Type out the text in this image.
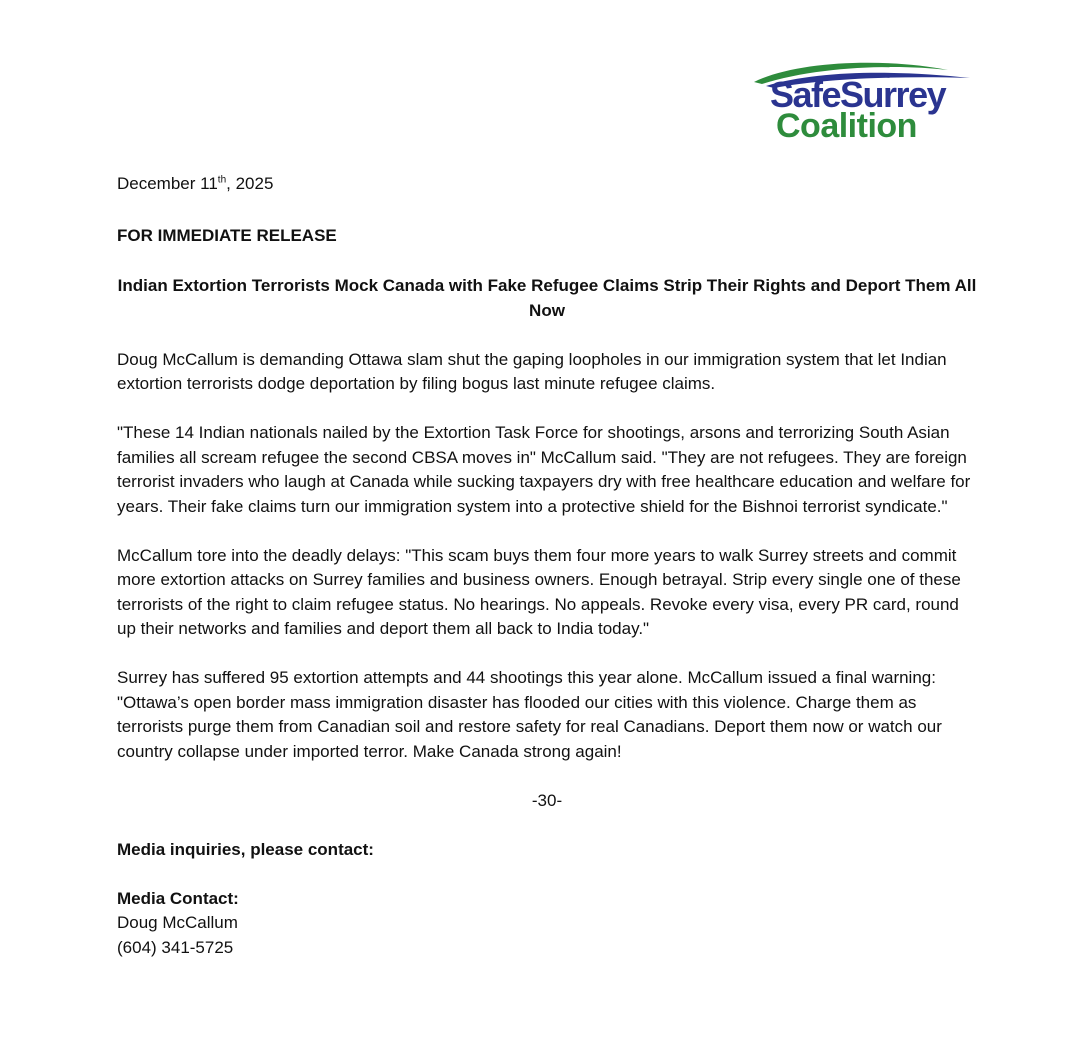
SafeSurrey
Coalition
December 11th, 2025
FOR IMMEDIATE RELEASE
Indian Extortion Terrorists Mock Canada with Fake Refugee Claims Strip Their Rights and Deport Them All Now

Doug McCallum is demanding Ottawa slam shut the gaping loopholes in our immigration system that let Indian extortion terrorists dodge deportation by filing bogus last minute refugee claims.

"These 14 Indian nationals nailed by the Extortion Task Force for shootings, arsons and terrorizing South Asian families all scream refugee the second CBSA moves in" McCallum said. "They are not refugees. They are foreign terrorist invaders who laugh at Canada while sucking taxpayers dry with free healthcare education and welfare for years. Their fake claims turn our immigration system into a protective shield for the Bishnoi terrorist syndicate."

McCallum tore into the deadly delays: "This scam buys them four more years to walk Surrey streets and commit more extortion attacks on Surrey families and business owners. Enough betrayal. Strip every single one of these terrorists of the right to claim refugee status. No hearings. No appeals. Revoke every visa, every PR card, round up their networks and families and deport them all back to India today."

Surrey has suffered 95 extortion attempts and 44 shootings this year alone. McCallum issued a final warning: "Ottawa’s open border mass immigration disaster has flooded our cities with this violence. Charge them as terrorists purge them from Canadian soil and restore safety for real Canadians. Deport them now or watch our country collapse under imported terror. Make Canada strong again!

-30-
Media inquiries, please contact:
Media Contact:
Doug McCallum
(604) 341-5725
